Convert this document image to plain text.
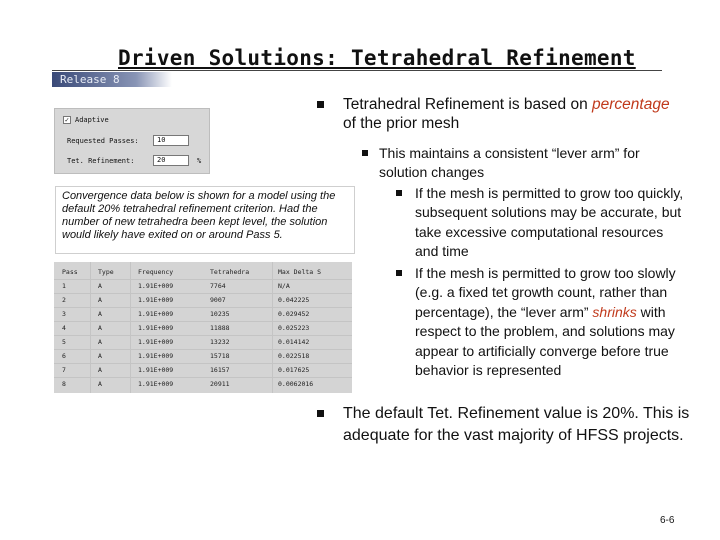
Driven Solutions: Tetrahedral Refinement
Release 8
✓ Adaptive
Requested Passes:	10
Tet. Refinement:	20	%
Convergence data below is shown for a model using the default 20% tetrahedral refinement criterion. Had the number of new tetrahedra been kept level, the solution would likely have exited on or around Pass 5.
Pass	Type	Frequency	Tetrahedra	Max Delta S
1	A	1.91E+009	7764	N/A
2	A	1.91E+009	9007	0.042225
3	A	1.91E+009	10235	0.029452
4	A	1.91E+009	11888	0.025223
5	A	1.91E+009	13232	0.014142
6	A	1.91E+009	15718	0.022518
7	A	1.91E+009	16157	0.017625
8	A	1.91E+009	20911	0.0062016
Tetrahedral Refinement is based on percentage of the prior mesh
This maintains a consistent “lever arm” for solution changes
If the mesh is permitted to grow too quickly, subsequent solutions may be accurate, but take excessive computational resources and time
If the mesh is permitted to grow too slowly (e.g. a fixed tet growth count, rather than percentage), the “lever arm” shrinks with respect to the problem, and solutions may appear to artificially converge before true behavior is represented
The default Tet. Refinement value is 20%. This is adequate for the vast majority of HFSS projects.
6-6
